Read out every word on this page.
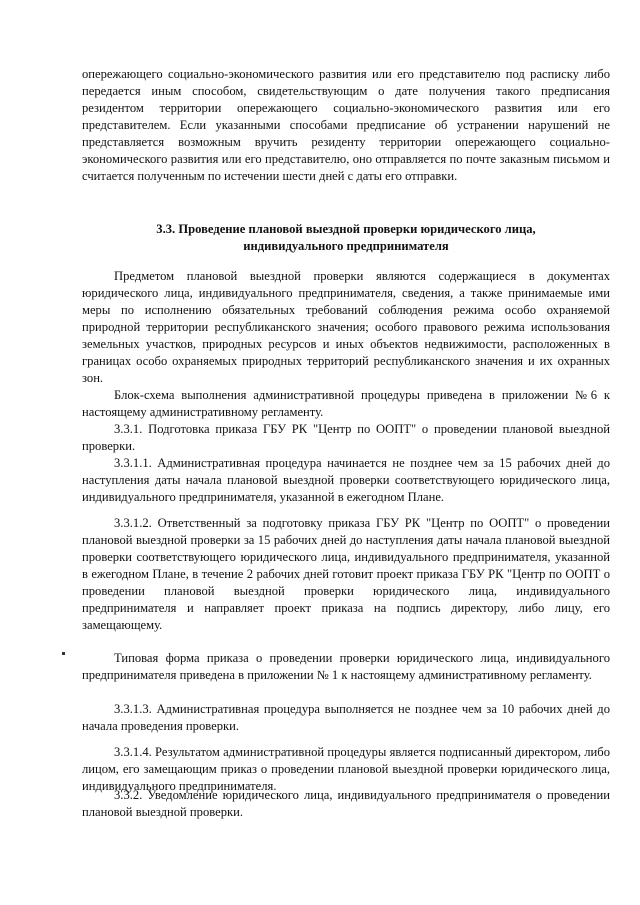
опережающего социально-экономического развития или его представителю под расписку либо передается иным способом, свидетельствующим о дате получения такого предписания резидентом территории опережающего социально-экономического развития или его представителем. Если указанными способами предписание об устранении нарушений не представляется возможным вручить резиденту территории опережающего социально-экономического развития или его представителю, оно отправляется по почте заказным письмом и считается полученным по истечении шести дней с даты его отправки.

3.3. Проведение плановой выездной проверки юридического лица,

индивидуального предпринимателя

Предметом плановой выездной проверки являются содержащиеся в документах юридического лица, индивидуального предпринимателя, сведения, а также принимаемые ими меры по исполнению обязательных требований соблюдения режима особо охраняемой природной территории республиканского значения; особого правового режима использования земельных участков, природных ресурсов и иных объектов недвижимости, расположенных в границах особо охраняемых природных территорий республиканского значения и их охранных зон.

Блок-схема выполнения административной процедуры приведена в приложении №6 к настоящему административному регламенту.

3.3.1. Подготовка приказа ГБУ РК "Центр по ООПТ" о проведении плановой выездной проверки.

3.3.1.1. Административная процедура начинается не позднее чем за 15 рабочих дней до наступления даты начала плановой выездной проверки соответствующего юридического лица, индивидуального предпринимателя, указанной в ежегодном Плане.

3.3.1.2. Ответственный за подготовку приказа ГБУ РК "Центр по ООПТ" о проведении плановой выездной проверки за 15 рабочих дней до наступления даты начала плановой выездной проверки соответствующего юридического лица, индивидуального предпринимателя, указанной в ежегодном Плане, в течение 2 рабочих дней готовит проект приказа ГБУ РК "Центр по ООПТ о проведении плановой выездной проверки юридического лица, индивидуального предпринимателя и направляет проект приказа на подпись директору, либо лицу, его замещающему.

Типовая форма приказа о проведении проверки юридического лица, индивидуального предпринимателя приведена в приложении № 1 к настоящему административному регламенту.

3.3.1.3. Административная процедура выполняется не позднее чем за 10 рабочих дней до начала проведения проверки.

3.3.1.4. Результатом административной процедуры является подписанный директором, либо лицом, его замещающим приказ о проведении плановой выездной проверки юридического лица, индивидуального предпринимателя.

3.3.2. Уведомление юридического лица, индивидуального предпринимателя о проведении плановой выездной проверки.
